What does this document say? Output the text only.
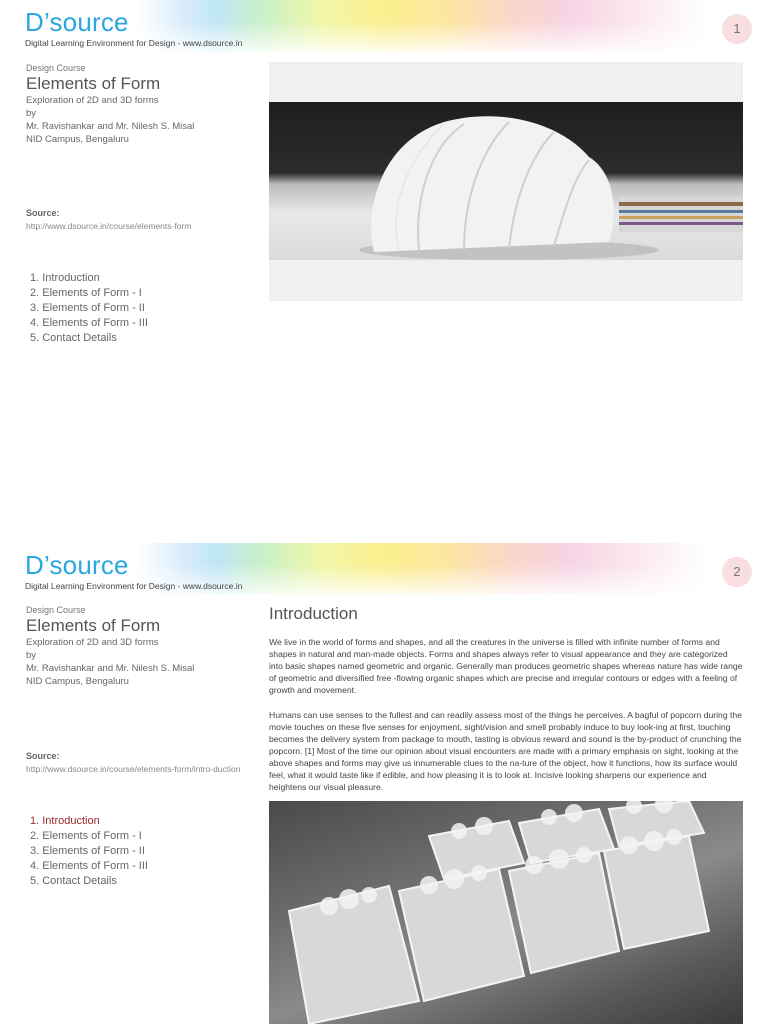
D’source
Digital Learning Environment for Design - www.dsource.in
1
Design Course
Elements of Form
Exploration of 2D and 3D forms
by
Mr. Ravishankar and Mr. Nilesh S. Misal
NID Campus, Bengaluru
Source:
http://www.dsource.in/course/elements-form
1. Introduction
2. Elements of Form - I
3. Elements of Form - II
4. Elements of Form - III
5. Contact Details
D’source
Digital Learning Environment for Design - www.dsource.in
2
Design Course
Elements of Form
Exploration of 2D and 3D forms
by
Mr. Ravishankar and Mr. Nilesh S. Misal
NID Campus, Bengaluru
Source:
http://www.dsource.in/course/elements-form/intro-duction
1. Introduction
2. Elements of Form - I
3. Elements of Form - II
4. Elements of Form - III
5. Contact Details
Introduction

We live in the world of forms and shapes, and all the creatures in the universe is filled with infinite number of forms and shapes in natural and man-made objects. Forms and shapes always refer to visual appearance and they are categorized into basic shapes named geometric and organic. Generally man produces geometric shapes whereas nature has wide range of geometric and diversified free -flowing organic shapes which are precise and irregular contours or edges with a feeling of growth and movement.

Humans can use senses to the fullest and can readily assess most of the things he perceives. A bagful of popcorn during the movie touches on these five senses for enjoyment, sight/vision and smell probably induce to buy look-ing at first, touching becomes the delivery system from package to mouth, tasting is obvious reward and sound is the by-product of crunching the popcorn. [1] Most of the time our opinion about visual encounters are made with a primary emphasis on sight, looking at the above shapes and forms may give us innumerable clues to the na-ture of the object, how it functions, how its surface would feel, what it would taste like if edible, and how pleasing it is to look at. Incisive looking sharpens our experience and heightens our visual pleasure.
